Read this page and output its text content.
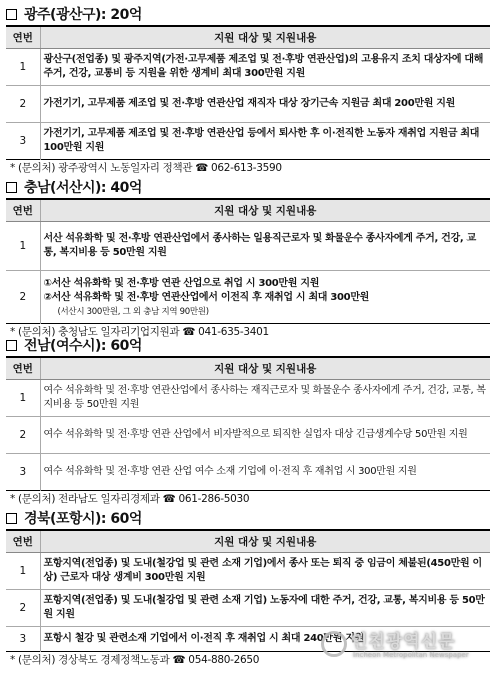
광주(광산구): 20억
연번	지원 대상 및 지원내용
1	광산구(전업종) 및 광주지역(가전·고무제품 제조업 및 전·후방 연관산업)의 고용유지 조치 대상자에 대해 주거, 건강, 교통비 등 지원을 위한 생계비 최대 300만원 지원
2	가전기기, 고무제품 제조업 및 전·후방 연관산업 재직자 대상 장기근속 지원금 최대 200만원 지원
3	가전기기, 고무제품 제조업 및 전·후방 연관산업 등에서 퇴사한 후 이·전직한 노동자 재취업 지원금 최대 100만원 지원
* (문의처) 광주광역시 노동일자리 정책관 ☎ 062-613-3590
충남(서산시): 40억
연번	지원 대상 및 지원내용
1	서산 석유화학 및 전·후방 연관산업에서 종사하는 일용직근로자 및 화물운수 종사자에게 주거, 건강, 교통, 복지비용 등 50만원 지원
2	①서산 석유화학 및 전·후방 연관 산업으로 취업 시 300만원 지원
②서산 석유화학 및 전·후방 연관산업에서 이전직 후 재취업 시 최대 300만원
(서산시 300만원, 그 외 충남 지역 90만원)
* (문의처) 충청남도 일자리기업지원과 ☎ 041-635-3401
전남(여수시): 60억
연번	지원 대상 및 지원내용
1	여수 석유화학 및 전·후방 연관산업에서 종사하는 재직근로자 및 화물운수 종사자에게 주거, 건강, 교통, 복지비용 등 50만원 지원
2	여수 석유화학 및 전·후방 연관 산업에서 비자발적으로 퇴직한 실업자 대상 긴급생계수당 50만원 지원
3	여수 석유화학 및 전·후방 연관 산업 여수 소재 기업에 이·전직 후 재취업 시 300만원 지원
* (문의처) 전라남도 일자리경제과 ☎ 061-286-5030
경북(포항시): 60억
연번	지원 대상 및 지원내용
1	포항지역(전업종) 및 도내(철강업 및 관련 소재 기업)에서 종사 또는 퇴직 중 임금이 체불된(450만원 이상) 근로자 대상 생계비 300만원 지원
2	포항지역(전업종) 및 도내(철강업 및 관련 소재 기업) 노동자에 대한 주거, 건강, 교통, 복지비용 등 50만원 지원
3	포항시 철강 및 관련소재 기업에서 이·전직 후 재취업 시 최대 240만원 지원
* (문의처) 경상북도 경제정책노동과 ☎ 054-880-2650
인천광역신문
Incheon Metropolitan Newspaper
